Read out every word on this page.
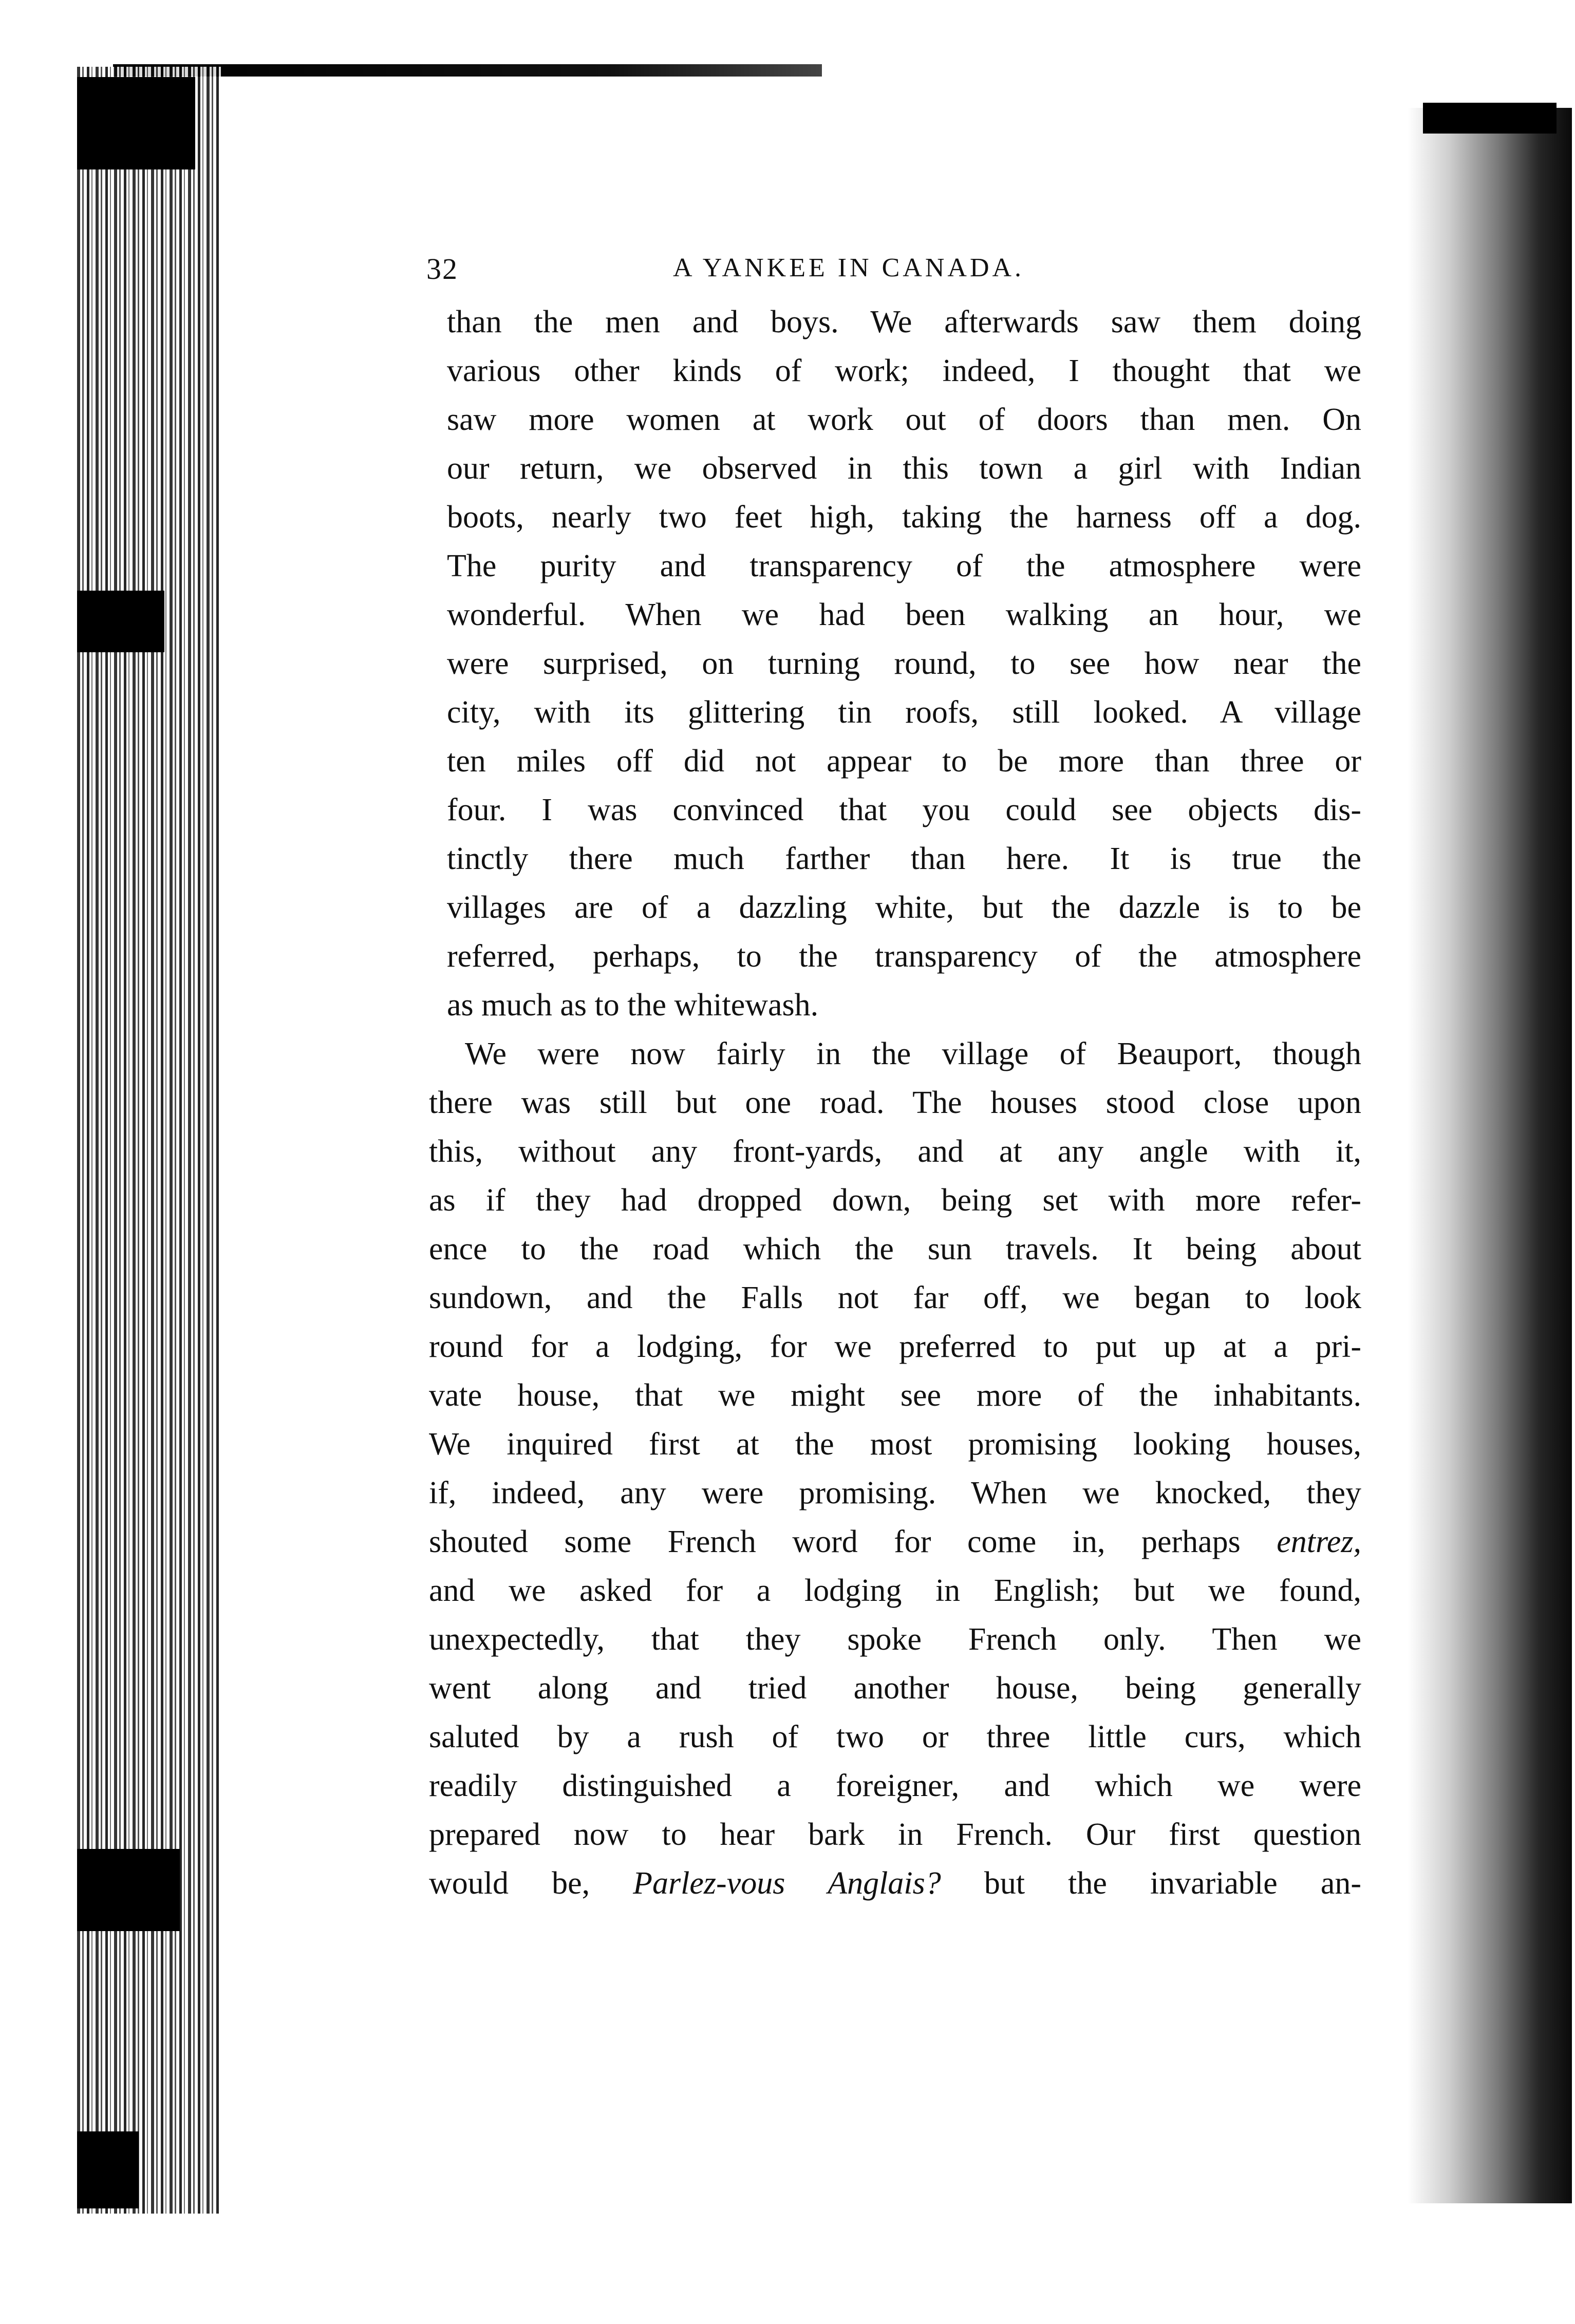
32	A YANKEE IN CANADA.
than the men and boys. We afterwards saw them doing
various other kinds of work; indeed, I thought that we
saw more women at work out of doors than men. On
our return, we observed in this town a girl with Indian
boots, nearly two feet high, taking the harness off a dog.
The purity and transparency of the atmosphere were
wonderful. When we had been walking an hour, we
were surprised, on turning round, to see how near the
city, with its glittering tin roofs, still looked. A village
ten miles off did not appear to be more than three or
four. I was convinced that you could see objects dis-
tinctly there much farther than here. It is true the
villages are of a dazzling white, but the dazzle is to be
referred, perhaps, to the transparency of the atmosphere
as much as to the whitewash.
We were now fairly in the village of Beauport, though
there was still but one road. The houses stood close upon
this, without any front-yards, and at any angle with it,
as if they had dropped down, being set with more refer-
ence to the road which the sun travels. It being about
sundown, and the Falls not far off, we began to look
round for a lodging, for we preferred to put up at a pri-
vate house, that we might see more of the inhabitants.
We inquired first at the most promising looking houses,
if, indeed, any were promising. When we knocked, they
shouted some French word for come in, perhaps entrez,
and we asked for a lodging in English; but we found,
unexpectedly, that they spoke French only. Then we
went along and tried another house, being generally
saluted by a rush of two or three little curs, which
readily distinguished a foreigner, and which we were
prepared now to hear bark in French. Our first question
would be, Parlez-vous Anglais? but the invariable an-
